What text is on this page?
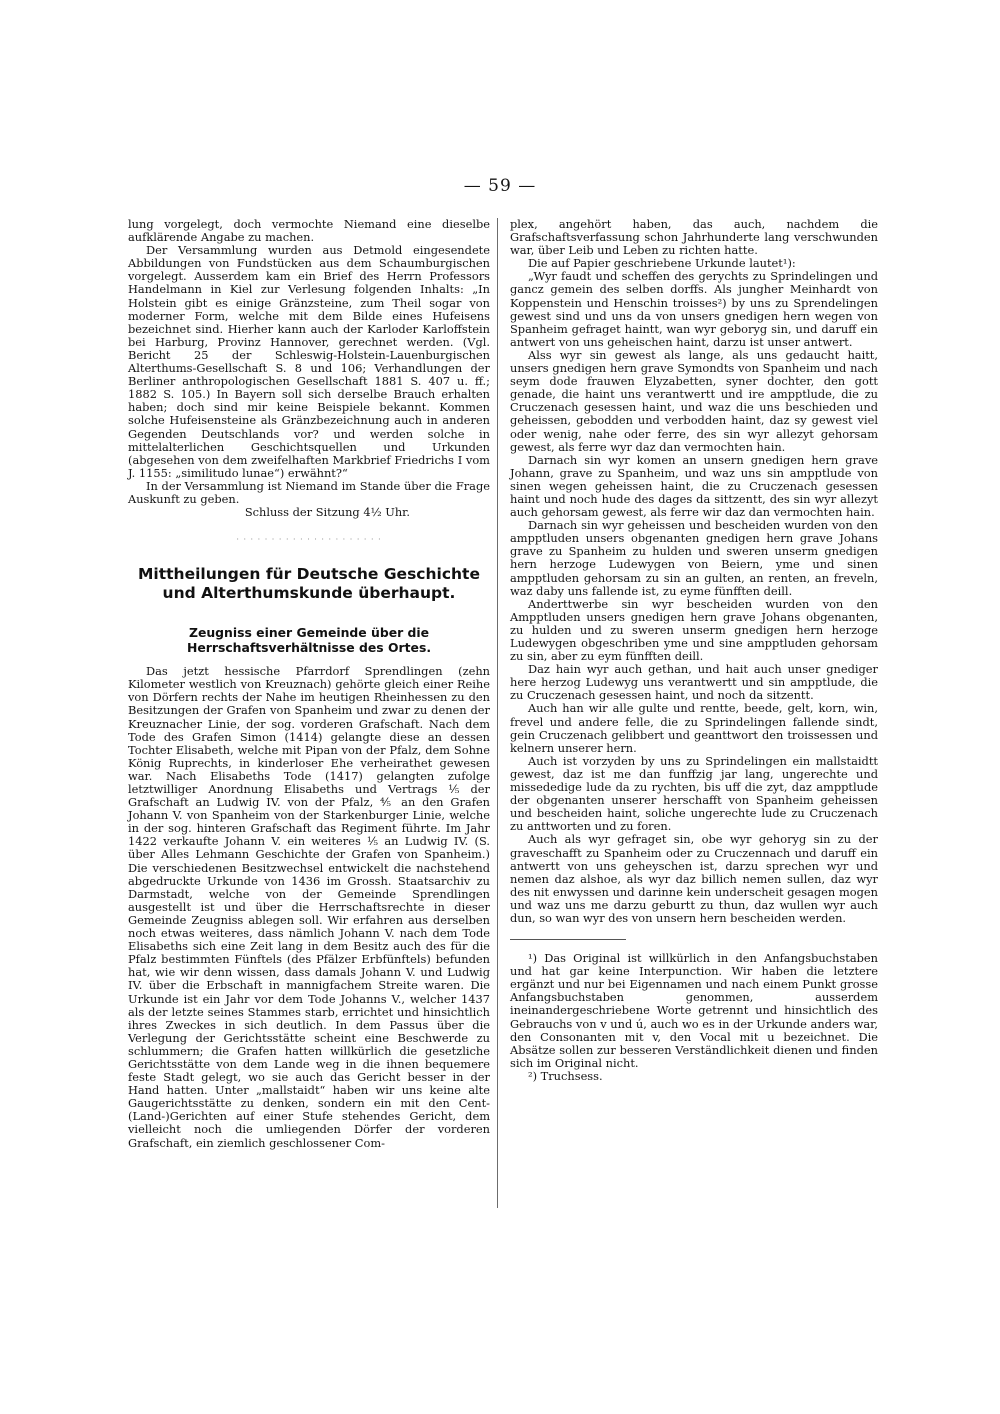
— 59 —

lung vorgelegt, doch vermochte Niemand eine dieselbe aufklärende Angabe zu machen.

Der Versammlung wurden aus Detmold eingesendete Abbildungen von Fundstücken aus dem Schaumburgischen vorgelegt. Ausserdem kam ein Brief des Herrn Professors Handelmann in Kiel zur Verlesung folgenden Inhalts: „In Holstein gibt es einige Gränzsteine, zum Theil sogar von moderner Form, welche mit dem Bilde eines Hufeisens bezeichnet sind. Hierher kann auch der Karloder Karloffstein bei Harburg, Provinz Hannover, gerechnet werden. (Vgl. Bericht 25 der Schleswig-Holstein-Lauenburgischen Alterthums-Gesellschaft S. 8 und 106; Verhandlungen der Berliner anthropologischen Gesellschaft 1881 S. 407 u. ff.; 1882 S. 105.) In Bayern soll sich derselbe Brauch erhalten haben; doch sind mir keine Beispiele bekannt. Kommen solche Hufeisensteine als Gränzbezeichnung auch in anderen Gegenden Deutschlands vor? und werden solche in mittelalterlichen Geschichtsquellen und Urkunden (abgesehen von dem zweifelhaften Markbrief Friedrichs I vom J. 1155: „similitudo lunae“) erwähnt?“

In der Versammlung ist Niemand im Stande über die Frage Auskunft zu geben.

Schluss der Sitzung 4½ Uhr.

· · · · · · · · · · · · · · · · · · · · ·
Mittheilungen für Deutsche Geschichte und Alterthumskunde überhaupt.
Zeugniss einer Gemeinde über die Herrschaftsverhältnisse des Ortes.

Das jetzt hessische Pfarrdorf Sprendlingen (zehn Kilometer westlich von Kreuznach) gehörte gleich einer Reihe von Dörfern rechts der Nahe im heutigen Rheinhessen zu den Besitzungen der Grafen von Spanheim und zwar zu denen der Kreuznacher Linie, der sog. vorderen Grafschaft. Nach dem Tode des Grafen Simon (1414) gelangte diese an dessen Tochter Elisabeth, welche mit Pipan von der Pfalz, dem Sohne König Ruprechts, in kinderloser Ehe verheirathet gewesen war. Nach Elisabeths Tode (1417) gelangten zufolge letztwilliger Anordnung Elisabeths und Vertrags ⅕ der Grafschaft an Ludwig IV. von der Pfalz, ⅘ an den Grafen Johann V. von Spanheim von der Starkenburger Linie, welche in der sog. hinteren Grafschaft das Regiment führte. Im Jahr 1422 verkaufte Johann V. ein weiteres ⅕ an Ludwig IV. (S. über Alles Lehmann Geschichte der Grafen von Spanheim.) Die verschiedenen Besitzwechsel entwickelt die nachstehend abgedruckte Urkunde von 1436 im Grossh. Staatsarchiv zu Darmstadt, welche von der Gemeinde Sprendlingen ausgestellt ist und über die Herrschaftsrechte in dieser Gemeinde Zeugniss ablegen soll. Wir erfahren aus derselben noch etwas weiteres, dass nämlich Johann V. nach dem Tode Elisabeths sich eine Zeit lang in dem Besitz auch des für die Pfalz bestimmten Fünftels (des Pfälzer Erbfünftels) befunden hat, wie wir denn wissen, dass damals Johann V. und Ludwig IV. über die Erbschaft in mannigfachem Streite waren. Die Urkunde ist ein Jahr vor dem Tode Johanns V., welcher 1437 als der letzte seines Stammes starb, errichtet und hinsichtlich ihres Zweckes in sich deutlich. In dem Passus über die Verlegung der Gerichtsstätte scheint eine Beschwerde zu schlummern; die Grafen hatten willkürlich die gesetzliche Gerichtsstätte von dem Lande weg in die ihnen bequemere feste Stadt gelegt, wo sie auch das Gericht besser in der Hand hatten. Unter „mallstaidt“ haben wir uns keine alte Gaugerichtsstätte zu denken, sondern ein mit den Cent-(Land-)Gerichten auf einer Stufe stehendes Gericht, dem vielleicht noch die umliegenden Dörfer der vorderen Grafschaft, ein ziemlich geschlossener Com-

plex, angehört haben, das auch, nachdem die Grafschaftsverfassung schon Jahrhunderte lang verschwunden war, über Leib und Leben zu richten hatte.

Die auf Papier geschriebene Urkunde lautet¹):

„Wyr faudt und scheffen des gerychts zu Sprindelingen und gancz gemein des selben dorffs. Als jungher Meinhardt von Koppenstein und Henschin troisses²) by uns zu Sprendelingen gewest sind und uns da von unsers gnedigen hern wegen von Spanheim gefraget haintt, wan wyr geboryg sin, und daruff ein antwert von uns geheischen haint, darzu ist unser antwert.

Alss wyr sin gewest als lange, als uns gedaucht haitt, unsers gnedigen hern grave Symondts von Spanheim und nach seym dode frauwen Elyzabetten, syner dochter, den gott genade, die haint uns verantwertt und ire ampptlude, die zu Cruczenach gesessen haint, und waz die uns beschieden und geheissen, gebodden und verbodden haint, daz sy gewest viel oder wenig, nahe oder ferre, des sin wyr allezyt gehorsam gewest, als ferre wyr daz dan vermochten hain.

Darnach sin wyr komen an unsern gnedigen hern grave Johann, grave zu Spanheim, und waz uns sin ampptlude von sinen wegen geheissen haint, die zu Cruczenach gesessen haint und noch hude des dages da sittzentt, des sin wyr allezyt auch gehorsam gewest, als ferre wir daz dan vermochten hain.

Darnach sin wyr geheissen und bescheiden wurden von den ampptluden unsers obgenanten gnedigen hern grave Johans grave zu Spanheim zu hulden und sweren unserm gnedigen hern herzoge Ludewygen von Beiern, yme und sinen ampptluden gehorsam zu sin an gulten, an renten, an freveln, waz daby uns fallende ist, zu eyme fünfften deill.

Anderttwerbe sin wyr bescheiden wurden von den Ampptluden unsers gnedigen hern grave Johans obgenanten, zu hulden und zu sweren unserm gnedigen hern herzoge Ludewygen obgeschriben yme und sine ampptluden gehorsam zu sin, aber zu eym fünfften deill.

Daz hain wyr auch gethan, und hait auch unser gnediger here herzog Ludewyg uns verantwertt und sin ampptlude, die zu Cruczenach gesessen haint, und noch da sitzentt.

Auch han wir alle gulte und rentte, beede, gelt, korn, win, frevel und andere felle, die zu Sprindelingen fallende sindt, gein Cruczenach gelibbert und geanttwort den troissessen und kelnern unserer hern.

Auch ist vorzyden by uns zu Sprindelingen ein mallstaidtt gewest, daz ist me dan funffzig jar lang, ungerechte und missededige lude da zu rychten, bis uff die zyt, daz ampptlude der obgenanten unserer herschafft von Spanheim geheissen und bescheiden haint, soliche ungerechte lude zu Cruczenach zu anttworten und zu foren.

Auch als wyr gefraget sin, obe wyr gehoryg sin zu der graveschafft zu Spanheim oder zu Cruczennach und daruff ein antwertt von uns geheyschen ist, darzu sprechen wyr und nemen daz alshoe, als wyr daz billich nemen sullen, daz wyr des nit enwyssen und darinne kein underscheit gesagen mogen und waz uns me darzu geburtt zu thun, daz wullen wyr auch dun, so wan wyr des von unsern hern bescheiden werden.

¹) Das Original ist willkürlich in den Anfangsbuchstaben und hat gar keine Interpunction. Wir haben die letztere ergänzt und nur bei Eigennamen und nach einem Punkt grosse Anfangsbuchstaben genommen, ausserdem ineinandergeschriebene Worte getrennt und hinsichtlich des Gebrauchs von v und ú, auch wo es in der Urkunde anders war, den Consonanten mit v, den Vocal mit u bezeichnet. Die Absätze sollen zur besseren Verständlichkeit dienen und finden sich im Original nicht.

²) Truchsess.
